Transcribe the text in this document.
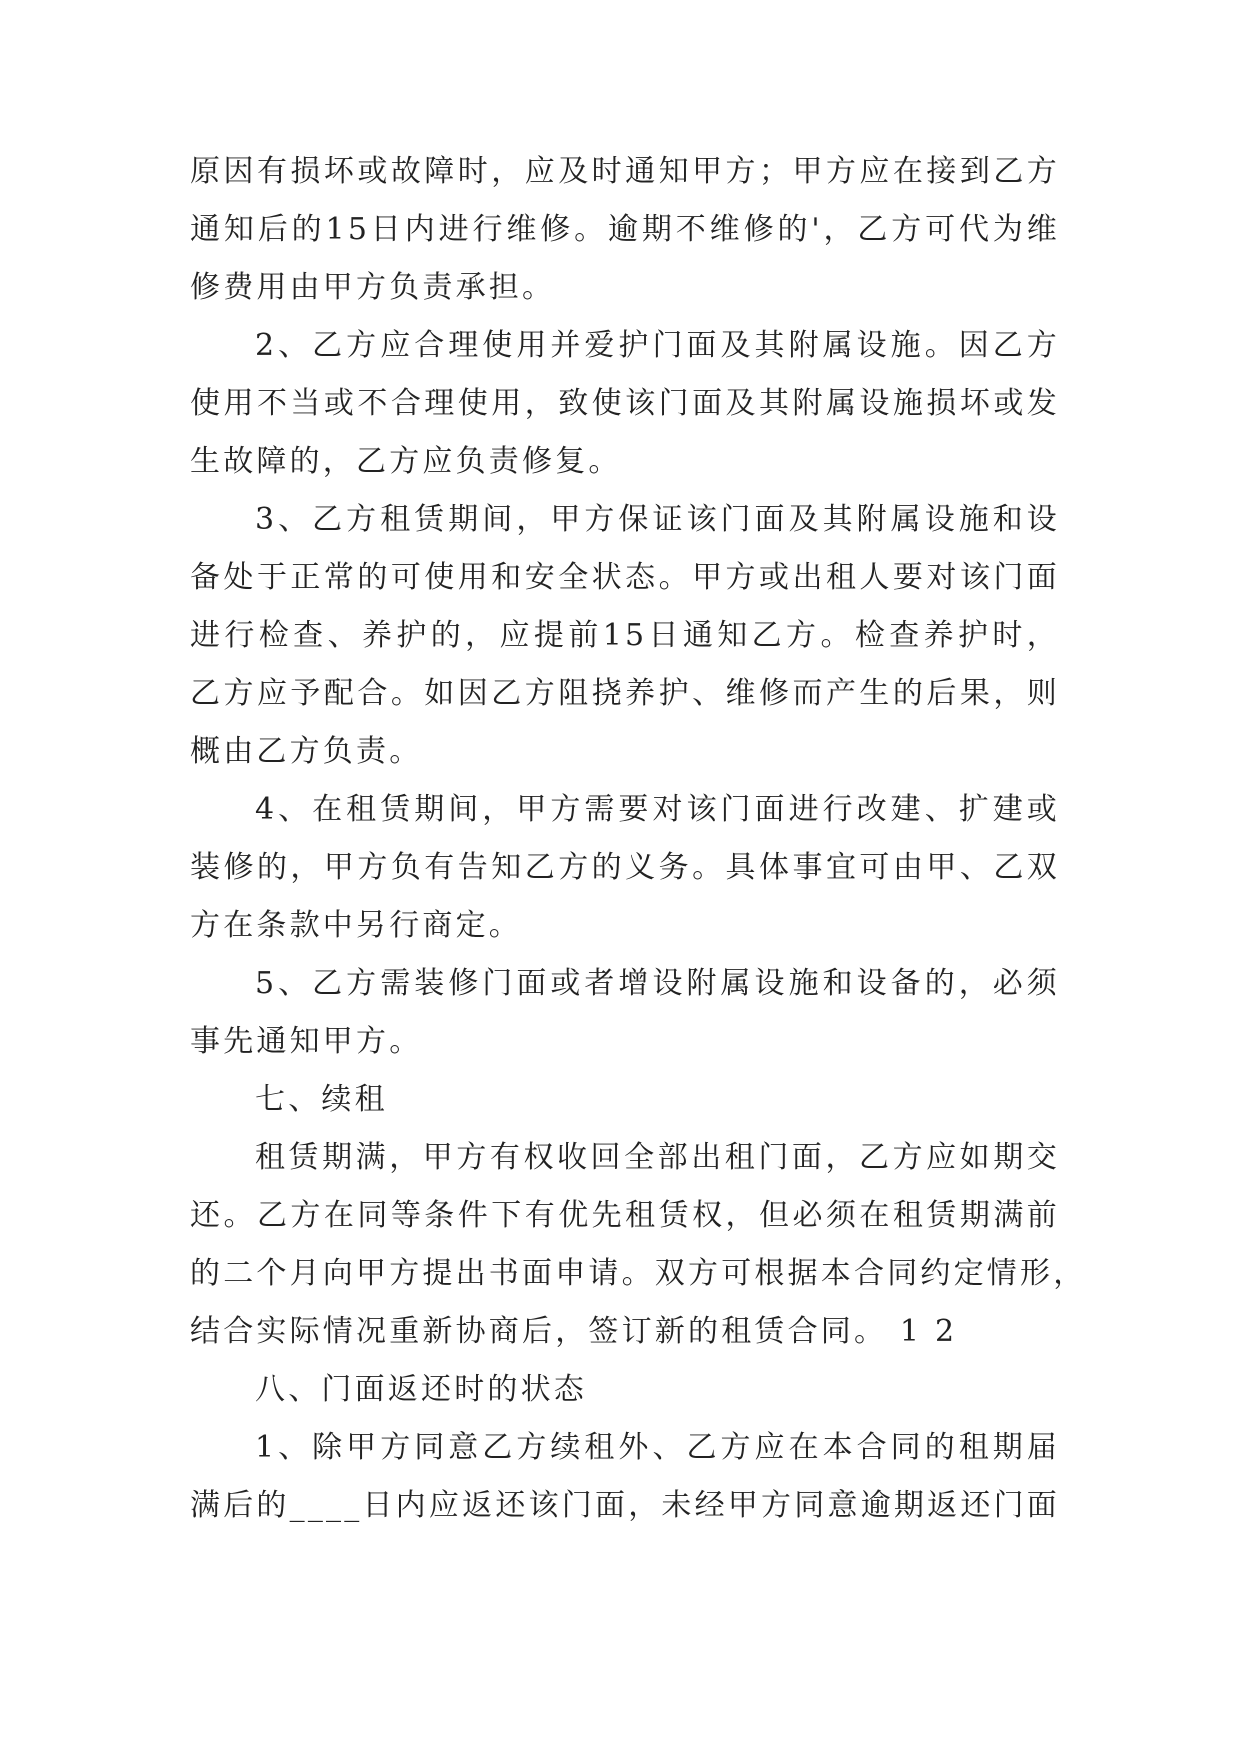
原因有损坏或故障时，应及时通知甲方；甲方应在接到乙方
通知后的15日内进行维修。逾期不维修的'，乙方可代为维
修费用由甲方负责承担。
2、乙方应合理使用并爱护门面及其附属设施。因乙方
使用不当或不合理使用，致使该门面及其附属设施损坏或发
生故障的，乙方应负责修复。
3、乙方租赁期间，甲方保证该门面及其附属设施和设
备处于正常的可使用和安全状态。甲方或出租人要对该门面
进行检查、养护的，应提前15日通知乙方。检查养护时，
乙方应予配合。如因乙方阻挠养护、维修而产生的后果，则
概由乙方负责。
4、在租赁期间，甲方需要对该门面进行改建、扩建或
装修的，甲方负有告知乙方的义务。具体事宜可由甲、乙双
方在条款中另行商定。
5、乙方需装修门面或者增设附属设施和设备的，必须
事先通知甲方。
七、续租
租赁期满，甲方有权收回全部出租门面，乙方应如期交
还。乙方在同等条件下有优先租赁权，但必须在租赁期满前
的二个月向甲方提出书面申请。双方可根据本合同约定情形，
结合实际情况重新协商后，签订新的租赁合同。 1 2
八、门面返还时的状态
1、除甲方同意乙方续租外、乙方应在本合同的租期届
满后的____日内应返还该门面，未经甲方同意逾期返还门面
